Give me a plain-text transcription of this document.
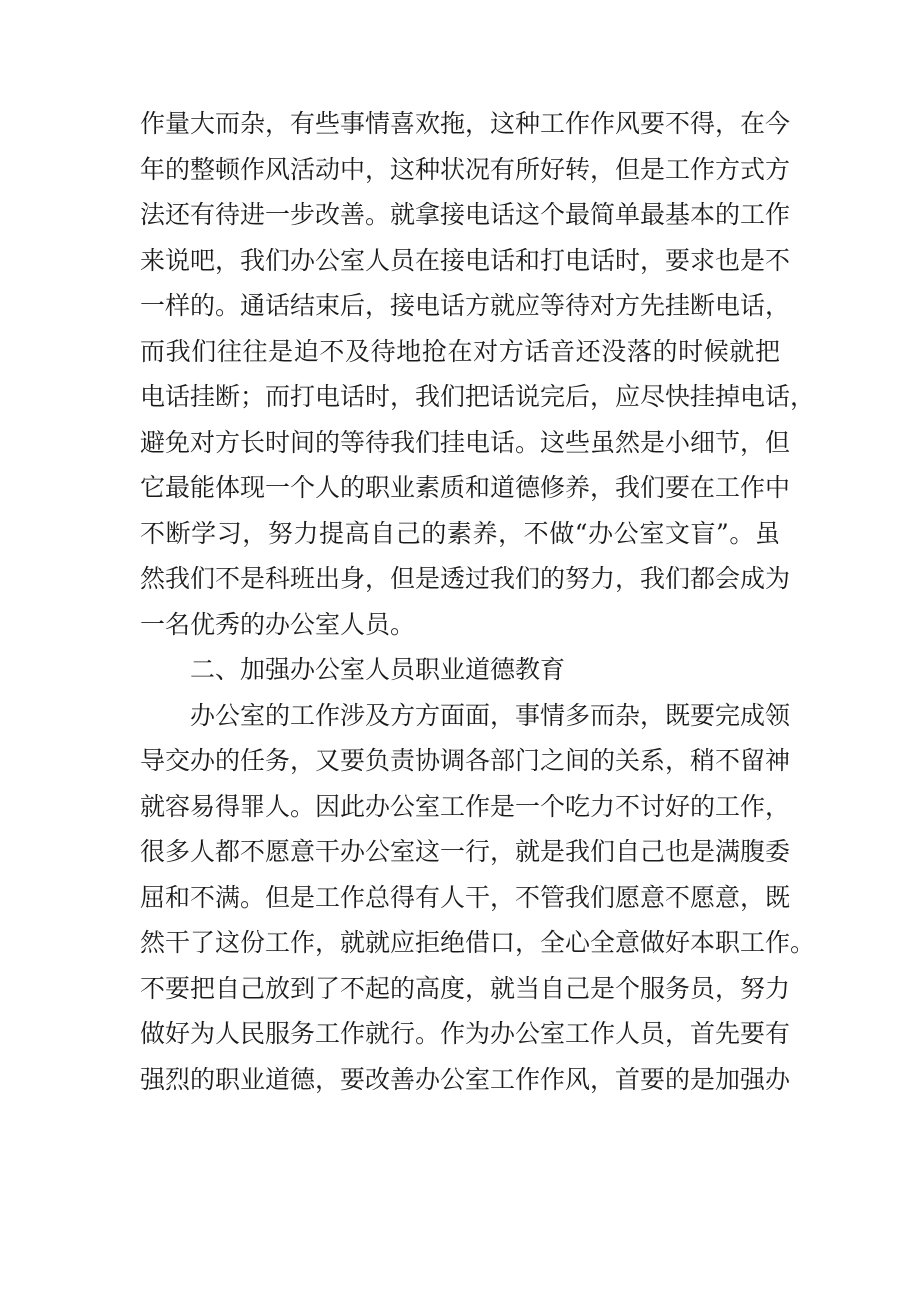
作量大而杂，有些事情喜欢拖，这种工作作风要不得，在今
年的整顿作风活动中，这种状况有所好转，但是工作方式方
法还有待进一步改善。就拿接电话这个最简单最基本的工作
来说吧，我们办公室人员在接电话和打电话时，要求也是不
一样的。通话结束后，接电话方就应等待对方先挂断电话，
而我们往往是迫不及待地抢在对方话音还没落的时候就把
电话挂断；而打电话时，我们把话说完后，应尽快挂掉电话，
避免对方长时间的等待我们挂电话。这些虽然是小细节，但
它最能体现一个人的职业素质和道德修养，我们要在工作中
不断学习，努力提高自己的素养，不做“办公室文盲”。虽
然我们不是科班出身，但是透过我们的努力，我们都会成为
一名优秀的办公室人员。
二、加强办公室人员职业道德教育
办公室的工作涉及方方面面，事情多而杂，既要完成领
导交办的任务，又要负责协调各部门之间的关系，稍不留神
就容易得罪人。因此办公室工作是一个吃力不讨好的工作，
很多人都不愿意干办公室这一行，就是我们自己也是满腹委
屈和不满。但是工作总得有人干，不管我们愿意不愿意，既
然干了这份工作，就就应拒绝借口，全心全意做好本职工作。
不要把自己放到了不起的高度，就当自己是个服务员，努力
做好为人民服务工作就行。作为办公室工作人员，首先要有
强烈的职业道德，要改善办公室工作作风，首要的是加强办
